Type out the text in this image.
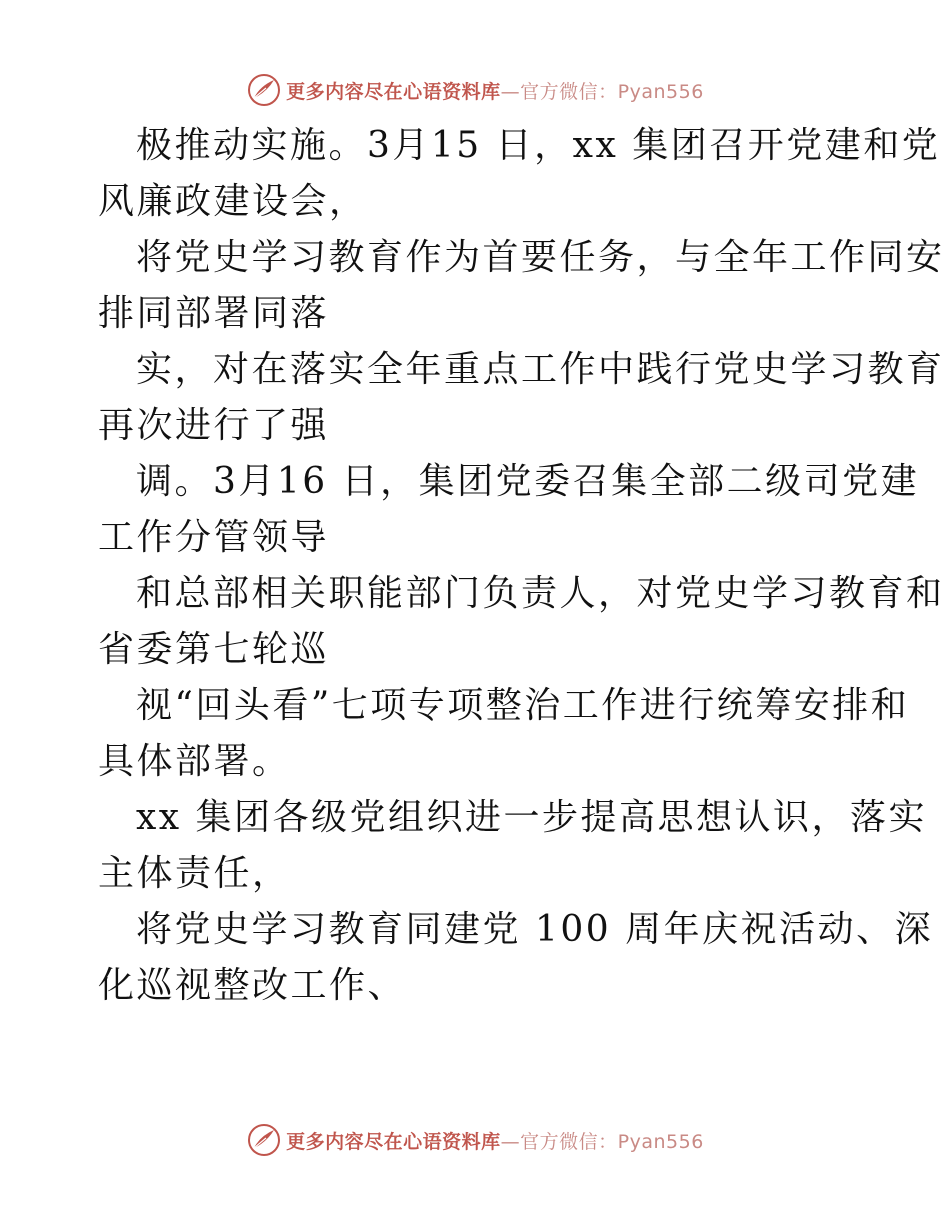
更多内容尽在心语资料库—官方微信：Pyan556

极推动实施。3月15 日，xx 集团召开党建和党
风廉政建设会，

将党史学习教育作为首要任务，与全年工作同安
排同部署同落

实，对在落实全年重点工作中践行党史学习教育
再次进行了强

调。3月16 日，集团党委召集全部二级司党建
工作分管领导

和总部相关职能部门负责人，对党史学习教育和
省委第七轮巡

视“回头看”七项专项整治工作进行统筹安排和
具体部署。

xx 集团各级党组织进一步提高思想认识，落实
主体责任，

将党史学习教育同建党 100 周年庆祝活动、深
化巡视整改工作、

更多内容尽在心语资料库—官方微信：Pyan556
